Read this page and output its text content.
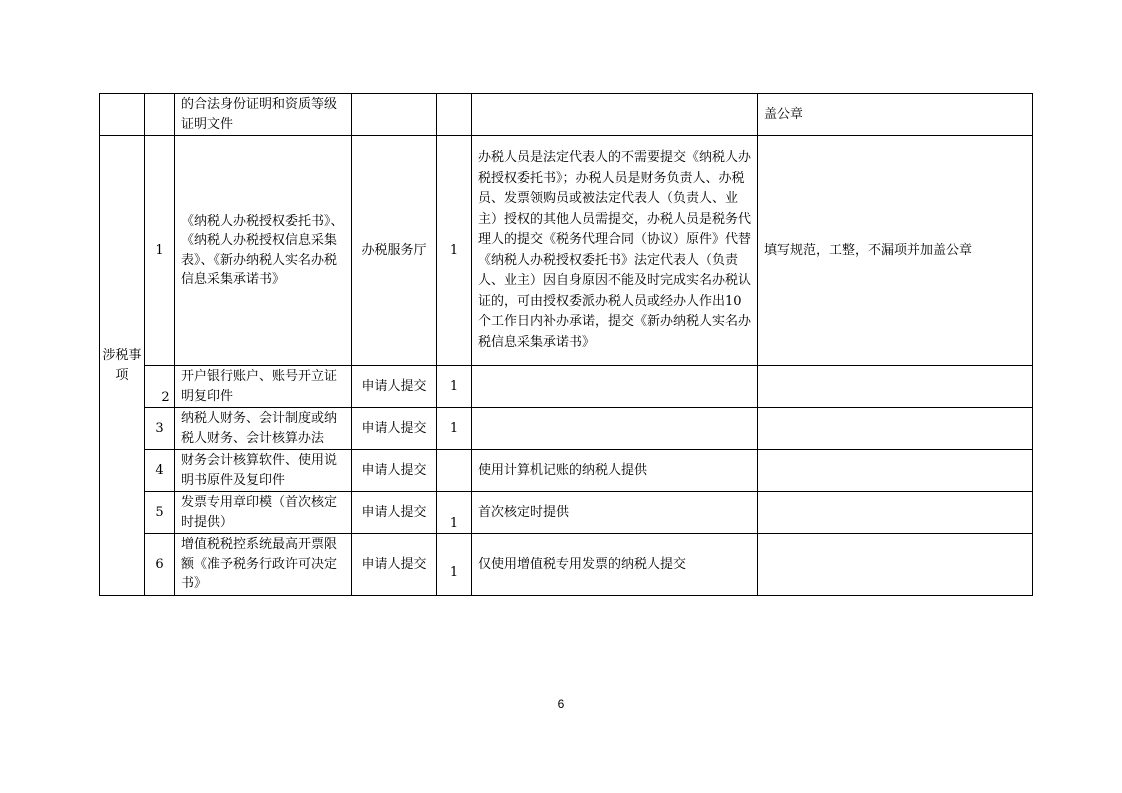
		的合法身份证明和资质等级证明文件				盖公章
涉税事项	1	《纳税人办税授权委托书》、《纳税人办税授权信息采集表》、《新办纳税人实名办税信息采集承诺书》	办税服务厅	1	办税人员是法定代表人的不需要提交《纳税人办税授权委托书》；办税人员是财务负责人、办税员、发票领购员或被法定代表人（负责人、业主）授权的其他人员需提交，办税人员是税务代理人的提交《税务代理合同（协议）原件》代替《纳税人办税授权委托书》法定代表人（负责人、业主）因自身原因不能及时完成实名办税认证的，可由授权委派办税人员或经办人作出10个工作日内补办承诺，提交《新办纳税人实名办税信息采集承诺书》	填写规范，工整，不漏项并加盖公章
	2	开户银行账户、账号开立证明复印件	申请人提交	1		
	3	纳税人财务、会计制度或纳税人财务、会计核算办法	申请人提交	1		
	4	财务会计核算软件、使用说明书原件及复印件	申请人提交		使用计算机记账的纳税人提供	
	5	发票专用章印模（首次核定时提供）	申请人提交	1	首次核定时提供	
	6	增值税税控系统最高开票限额《准予税务行政许可决定书》	申请人提交	1	仅使用增值税专用发票的纳税人提交	
6
